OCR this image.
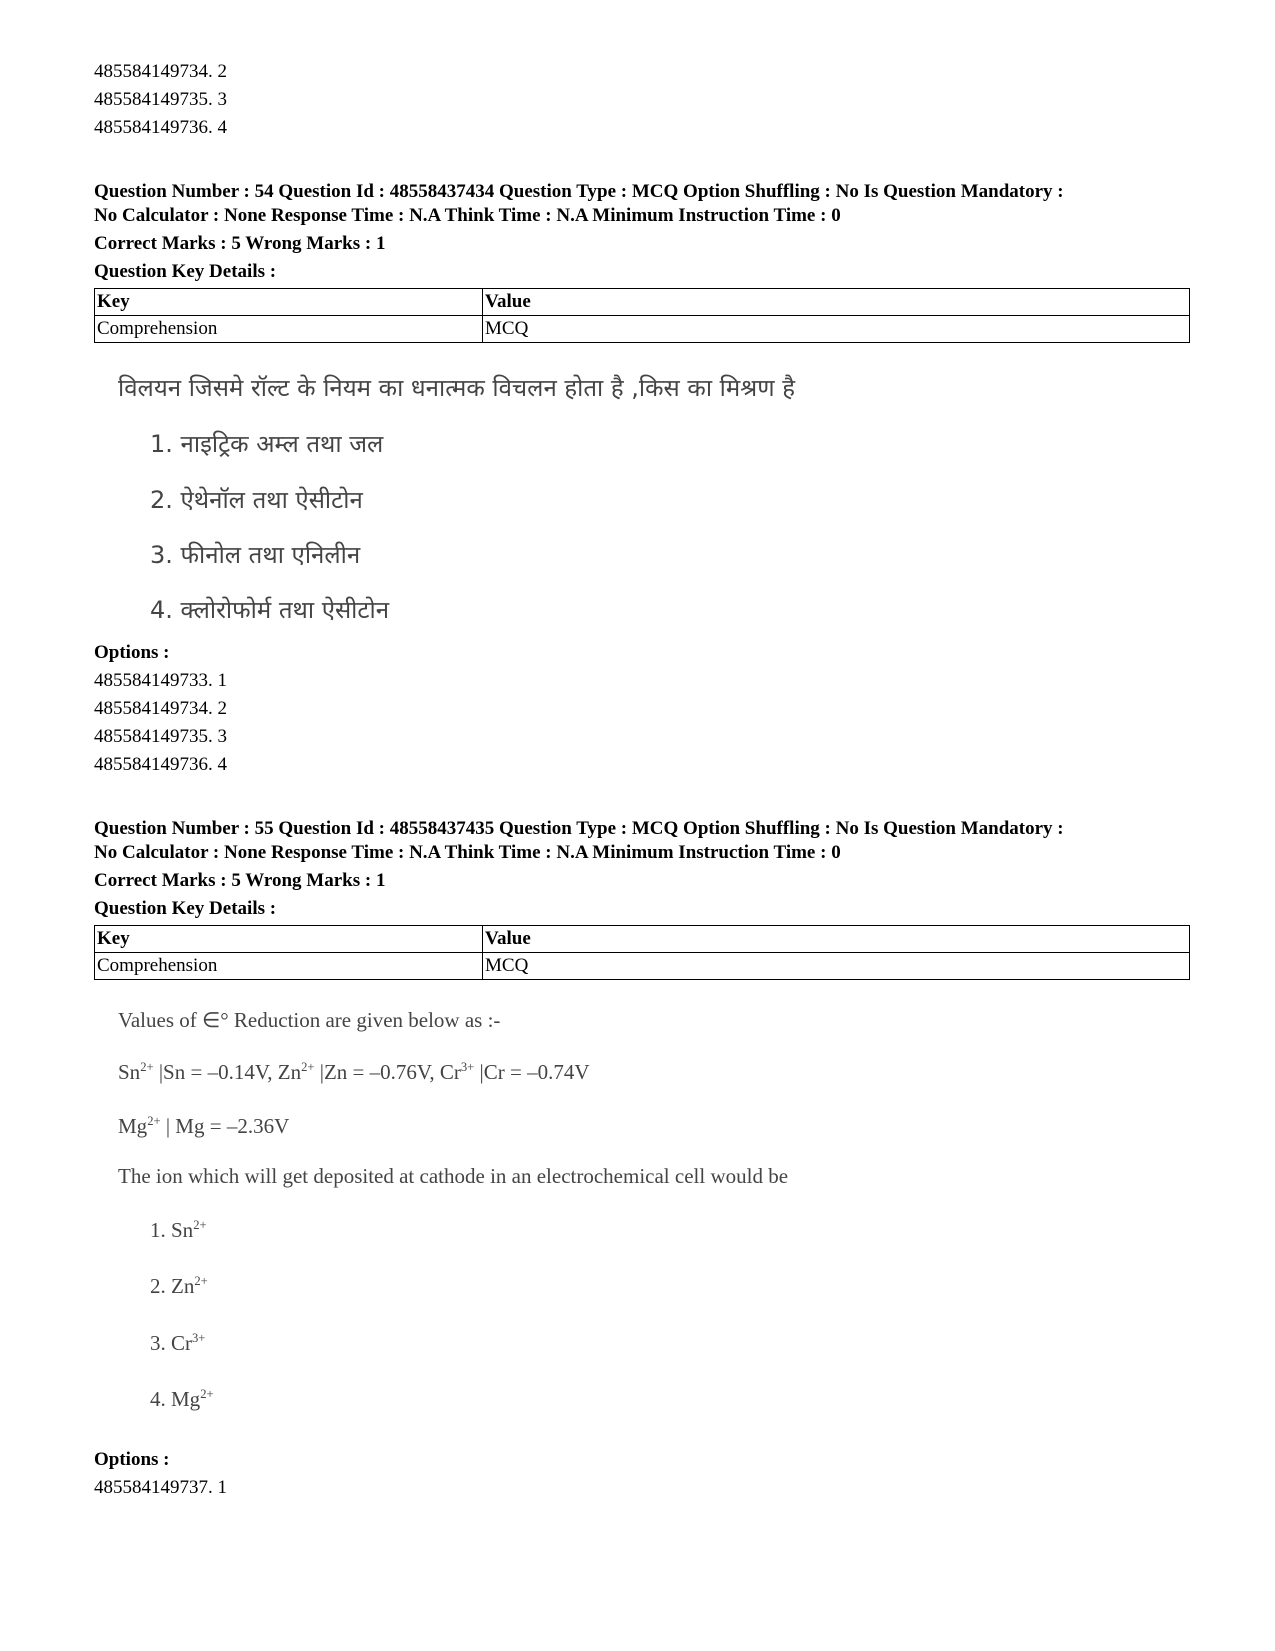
485584149734. 2
485584149735. 3
485584149736. 4
Question Number : 54 Question Id : 48558437434 Question Type : MCQ Option Shuffling : No Is Question Mandatory :
No Calculator : None Response Time : N.A Think Time : N.A Minimum Instruction Time : 0
Correct Marks : 5 Wrong Marks : 1
Question Key Details :
Key	Value
Comprehension	MCQ
विलयन जिसमे रॉल्ट के नियम का धनात्मक विचलन होता है ,किस का मिश्रण है
1. नाइट्रिक अम्ल तथा जल
2. ऐथेनॉल तथा ऐसीटोन
3. फीनोल तथा एनिलीन
4. क्लोरोफोर्म तथा ऐसीटोन
Options :
485584149733. 1
485584149734. 2
485584149735. 3
485584149736. 4
Question Number : 55 Question Id : 48558437435 Question Type : MCQ Option Shuffling : No Is Question Mandatory :
No Calculator : None Response Time : N.A Think Time : N.A Minimum Instruction Time : 0
Correct Marks : 5 Wrong Marks : 1
Question Key Details :
Key	Value
Comprehension	MCQ
Values of ∈° Reduction are given below as :-
$Sn^{2+}$ |Sn = –0.14V, $Zn^{2+}$ |Zn = –0.76V, $Cr^{3+}$ |Cr = –0.74V
$Mg^{2+}$ | Mg = –2.36V
The ion which will get deposited at cathode in an electrochemical cell would be
1. $Sn^{2+}$
2. $Zn^{2+}$
3. $Cr^{3+}$
4. $Mg^{2+}$
Options :
485584149737. 1
